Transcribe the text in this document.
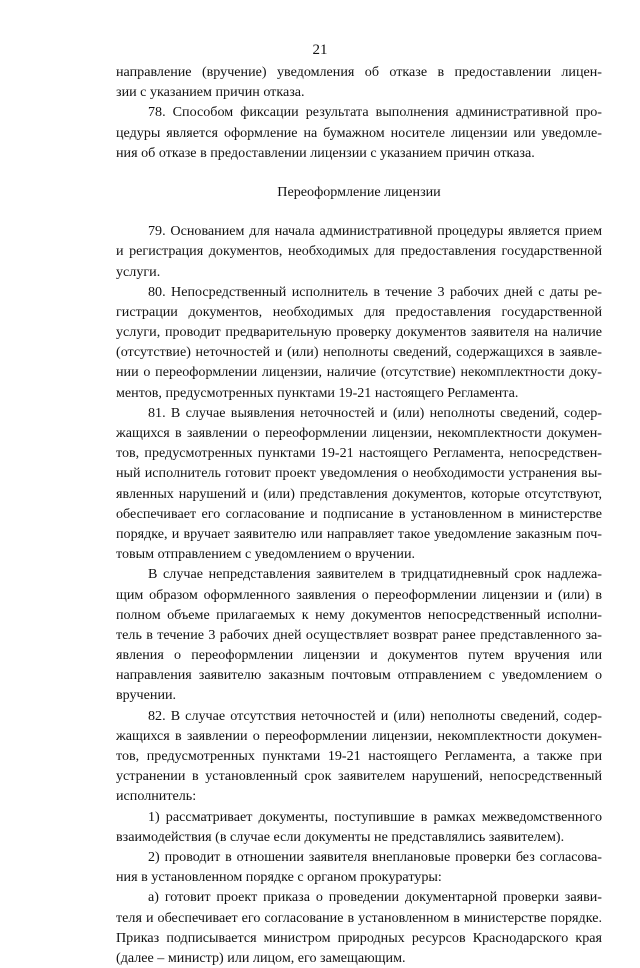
21
направление (вручение) уведомления об отказе в предоставлении лицен-
зии с указанием причин отказа.
78. Способом фиксации результата выполнения административной про-
цедуры является оформление на бумажном носителе лицензии или уведомле-
ния об отказе в предоставлении лицензии с указанием причин отказа.
Переоформление лицензии
79. Основанием для начала административной процедуры является прием
и регистрация документов, необходимых для предоставления государственной
услуги.
80. Непосредственный исполнитель в течение 3 рабочих дней с даты ре-
гистрации документов, необходимых для предоставления государственной
услуги, проводит предварительную проверку документов заявителя на наличие
(отсутствие) неточностей и (или) неполноты сведений, содержащихся в заявле-
нии о переоформлении лицензии, наличие (отсутствие) некомплектности доку-
ментов, предусмотренных пунктами 19-21 настоящего Регламента.
81. В случае выявления неточностей и (или) неполноты сведений, содер-
жащихся в заявлении о переоформлении лицензии, некомплектности докумен-
тов, предусмотренных пунктами 19-21 настоящего Регламента, непосредствен-
ный исполнитель готовит проект уведомления о необходимости устранения вы-
явленных нарушений и (или) представления документов, которые отсутствуют,
обеспечивает его согласование и подписание в установленном в министерстве
порядке, и вручает заявителю или направляет такое уведомление заказным поч-
товым отправлением с уведомлением о вручении.
В случае непредставления заявителем в тридцатидневный срок надлежа-
щим образом оформленного заявления о переоформлении лицензии и (или) в
полном объеме прилагаемых к нему документов непосредственный исполни-
тель в течение 3 рабочих дней осуществляет возврат ранее представленного за-
явления о переоформлении лицензии и документов путем вручения или
направления заявителю заказным почтовым отправлением с уведомлением о
вручении.
82. В случае отсутствия неточностей и (или) неполноты сведений, содер-
жащихся в заявлении о переоформлении лицензии, некомплектности докумен-
тов, предусмотренных пунктами 19-21 настоящего Регламента, а также при
устранении в установленный срок заявителем нарушений, непосредственный
исполнитель:
1) рассматривает документы, поступившие в рамках межведомственного
взаимодействия (в случае если документы не представлялись заявителем).
2) проводит в отношении заявителя внеплановые проверки без согласова-
ния в установленном порядке с органом прокуратуры:
а) готовит проект приказа о проведении документарной проверки заяви-
теля и обеспечивает его согласование в установленном в министерстве порядке.
Приказ подписывается министром природных ресурсов Краснодарского края
(далее – министр) или лицом, его замещающим.
